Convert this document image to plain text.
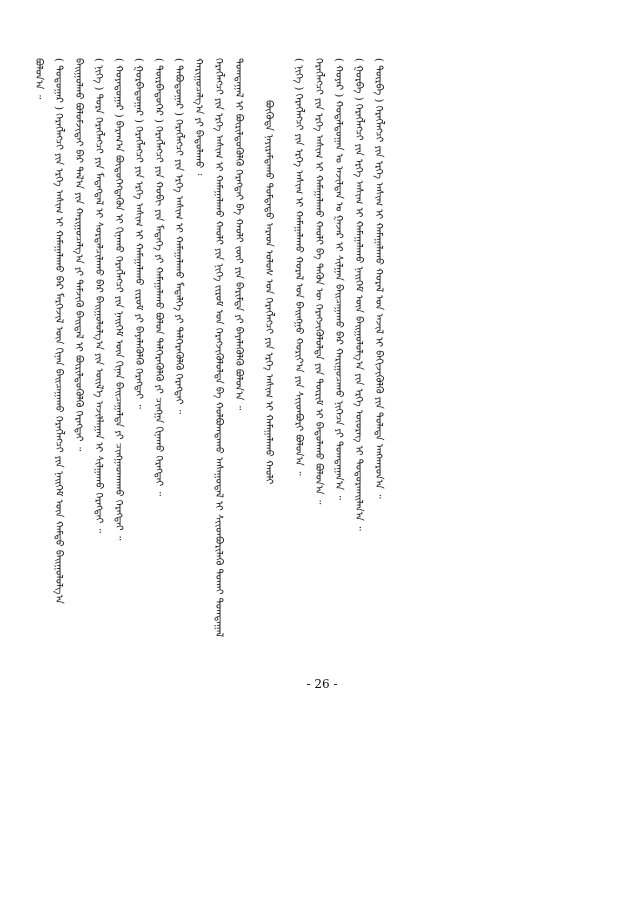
ᠪᠣᠯᠤᠨ᠎ᠠ ᠃ ( ᠳᠤᠳᠤᠭᠠᠷ ) ᠬᠡᠷᠡᠭᠯᠡᠭᠴᠢ ᠶᠢᠨ ᠡᠷᠬᠡ ᠠᠰᠢᠭ ᠢ ᠬᠠᠮᠠᠭᠠᠯᠠᠬᠤ ᠪᠠᠷ ᠮᠡᠷᠭᠡᠵᠢᠯ ᠦᠨ ᠬᠢᠨᠠᠨ ᠪᠠᠢᠴᠠᠭᠠᠬᠤ ᠬᠡᠷᠡᠭᠯᠡᠭᠴᠢ ᠶᠢᠨ ᠨᠡᠢᠭᠡᠮ ᠦᠨ ᠬᠠᠮᠲᠤ ᠪᠠᠢᠭᠤᠯᠤᠯᠭ᠎ᠠ ᠪᠠᠢᠭᠤᠯᠬᠤ ᠪᠣᠯᠤᠮᠵᠢᠲᠠᠢ ᠪᠡᠷ ᠲᠠᠯ᠎ᠠ ᠶᠢᠨ ᠬᠠᠷᠢᠭᠤᠴᠠᠯᠭ᠎ᠠ ᠶᠢ ᠳᠡᠮᠵᠢᠬᠦ ᠪᠠᠢᠳᠠᠯ ᠢ ᠪᠦᠷᠢᠯᠳᠦᠭᠦᠯᠬᠦ ᠬᠡᠷᠡᠭᠲᠡᠢ ᠃ ( ᠨᠢᠭᠡ ) ᠳᠤᠷᠠ ᠬᠡᠷᠡᠭᠯᠡᠭᠴᠢ ᠶᠢᠨ ᠮᠡᠳᠡᠭᠳᠡᠯ ᠢ ᠰᠤᠷᠲᠠᠯᠴᠢᠯᠠᠬᠤ ᠪᠡᠷ ᠪᠠᠢᠭᠤᠯᠤᠯᠭ᠎ᠠ ᠶᠢᠨ ᠦᠢᠯ᠎ᠡ ᠠᠵᠢᠯᠯᠠᠭᠠᠨ ᠢ ᠰᠢᠯᠭᠠᠬᠤ ᠬᠡᠷᠡᠭᠲᠡᠢ ᠃ ( ᠬᠣᠶᠠᠳᠤᠭᠠᠷ ) ᠪᠠᠷᠠᠭ᠎ᠠ ᠪᠦᠲᠦᠭᠡᠭᠳᠡᠬᠦᠨ ᠢ ᠬᠢᠨᠠᠬᠤ ᠬᠡᠷᠡᠭᠯᠡᠭᠴᠢ ᠶᠢᠨ ᠨᠡᠢᠭᠡᠮ ᠦᠨ ᠬᠢᠨᠠᠨ ᠪᠠᠢᠴᠠᠭᠠᠯᠲᠠ ᠶᠢ ᠴᠢᠩᠭᠠᠳᠬᠠᠬᠤ ᠬᠡᠷᠡᠭᠲᠡᠢ ᠃ ( ᠭᠤᠷᠪᠠᠳᠤᠭᠠᠷ ) ᠬᠡᠷᠡᠭᠯᠡᠭᠴᠢ ᠶᠢᠨ ᠡᠷᠬᠡ ᠠᠰᠢᠭ ᠢ ᠬᠠᠮᠠᠭᠠᠯᠠᠬᠤ ᠵᠢᠷᠤᠮ ᠶᠢ ᠪᠡᠶᠡᠯᠡᠭᠦᠯᠬᠦ ᠬᠡᠷᠡᠭᠲᠡᠢ ᠃ ( ᠳᠥᠷᠪᠡᠳᠦᠭᠡᠷ ) ᠬᠡᠷᠡᠭᠯᠡᠭᠴᠢ ᠶᠢᠨ ᠬᠤᠪᠢ ᠶᠢᠨ ᠮᠡᠳᠡᠭᠡ ᠶᠢ ᠬᠠᠮᠠᠭᠠᠯᠠᠬᠤ ᠪᠤᠯᠤᠨ ᠳᠡᠯᠭᠡᠷᠡᠭᠦᠯᠬᠦ ᠶᠢ ᠴᠢᠩᠭᠠ ᠬᠢᠨᠠᠬᠤ ᠬᠡᠷᠡᠭᠲᠡᠢ ᠃ ( ᠲᠠᠪᠤᠳᠤᠭᠠᠷ ) ᠬᠡᠷᠡᠭᠯᠡᠭᠴᠢ ᠶᠢᠨ ᠡᠷᠬᠡ ᠠᠰᠢᠭ ᠢ ᠬᠠᠮᠠᠭᠠᠯᠠᠬᠤ ᠮᠡᠳᠡᠯᠭᠡ ᠶᠢ ᠳᠡᠯᠭᠡᠷᠡᠭᠦᠯᠬᠦ ᠬᠡᠷᠡᠭᠲᠡᠢ ᠃ ᠬᠠᠷᠢᠭᠤᠴᠠᠯᠭ᠎ᠠ ᠶᠢ ᠪᠠᠳᠤᠯᠠᠬᠤ ᠄ ᠬᠡᠷᠡᠭᠯᠡᠭᠴᠢ ᠶᠢᠨ ᠡᠷᠬᠡ ᠠᠰᠢᠭ ᠢ ᠬᠠᠮᠠᠭᠠᠯᠠᠬᠤ ᠬᠠᠤᠯᠢ ᠶᠢᠨ ᠨᠢᠭᠡ ᠵᠢᠷᠤᠮ ᠤᠨ ᠬᠡᠷᠡᠭᠵᠢᠭᠦᠯᠦᠯᠲᠡ ᠪᠠ ᠬᠣᠯᠪᠣᠭᠳᠠᠬᠤ ᠠᠰᠠᠭᠤᠳᠠᠯ ᠢ ᠰᠢᠢᠳᠪᠦᠷᠢᠯᠡᠬᠦ ᠲᠤᠬᠠᠢ ᠲᠣᠭᠲᠠᠭᠠᠯ ᠲᠣᠭᠲᠠᠭᠠᠯ ᠢ ᠪᠦᠷᠢᠯᠳᠦᠭᠦᠯᠬᠦ ᠬᠡᠷᠡᠭᠲᠡᠢ ᠪᠠ ᠬᠠᠤᠯᠢ ᠵᠦᠢ ᠶᠢᠨ ᠪᠠᠷᠢᠮᠲᠠ ᠶᠢ ᠪᠡᠶᠡᠯᠡᠭᠦᠯᠬᠦ ᠪᠣᠯᠤᠨ᠎ᠠ ᠃ ᠪᠦᠭᠦᠳᠡ ᠨᠠᠶᠢᠷᠠᠮᠳᠠᠬᠤ ᠳᠤᠮᠳᠠᠳᠤ ᠠᠷᠠᠳ ᠤᠯᠤᠰ ᠤᠨ ᠬᠡᠷᠡᠭᠯᠡᠭᠴᠢ ᠶᠢᠨ ᠡᠷᠬᠡ ᠠᠰᠢᠭ ᠢ ᠬᠠᠮᠠᠭᠠᠯᠠᠬᠤ ᠬᠠᠤᠯᠢ ( ᠨᠢᠭᠡ ) ᠬᠡᠷᠡᠭᠯᠡᠭᠴᠢ ᠶᠢᠨ ᠡᠷᠬᠡ ᠠᠰᠢᠭ ᠢ ᠬᠠᠮᠠᠭᠠᠯᠠᠬᠤ ᠬᠤᠷᠠᠯ ᠤᠨ ᠪᠠᠢᠩᠭᠤ ᠬᠣᠷᠢᠶ᠎ᠠ ᠶᠢᠨ ᠰᠢᠢᠳᠪᠦᠷᠢ ᠪᠣᠯᠤᠨ᠎ᠠ ᠃ ᠬᠡᠷᠡᠭᠯᠡᠭᠴᠢ ᠶᠢᠨ ᠡᠷᠬᠡ ᠠᠰᠢᠭ ᠢ ᠬᠠᠮᠠᠭᠠᠯᠠᠬᠤ ᠬᠠᠤᠯᠢ ᠪᠠ ᠲᠡᠭᠦᠨ ᠦ ᠬᠡᠷᠡᠭᠵᠢᠭᠦᠯᠦᠯᠲᠡ ᠶᠢᠨ ᠳᠦᠷᠢᠮ ᠢ ᠪᠠᠲᠤᠯᠠᠬᠤ ᠪᠣᠯᠤᠨ᠎ᠠ ᠃ ( ᠬᠣᠶᠠᠷ ) ᠬᠤᠳᠠᠯᠳᠤᠭᠠᠨ ᠤ ᠠᠵᠢᠯᠲᠠᠨ ᠤ ᠭᠠᠵᠠᠷ ᠢ ᠰᠢᠯᠭᠠᠨ ᠪᠠᠢᠴᠠᠭᠠᠬᠤ ᠪᠠᠷ ᠬᠠᠷᠢᠭᠤᠴᠠᠬᠤ ᠨᠢᠭᠡᠴᠡ ᠶᠢ ᠲᠣᠭᠲᠠᠭᠠᠨ᠎ᠠ ᠃ ( ᠭᠤᠷᠪᠠ ) ᠬᠡᠷᠡᠭᠯᠡᠭᠴᠢ ᠶᠢᠨ ᠡᠷᠬᠡ ᠠᠰᠢᠭ ᠢ ᠬᠠᠮᠠᠭᠠᠯᠠᠬᠤ ᠨᠡᠢᠭᠡᠮ ᠦᠨ ᠪᠠᠢᠭᠤᠯᠤᠯᠭ᠎ᠠ ᠶᠢᠨ ᠡᠷᠬᠡ ᠦᠦᠷᠡᠭ ᠢ ᠲᠣᠳᠤᠷᠬᠠᠢᠯᠠᠨ᠎ᠠ ᠃ ( ᠳᠥᠷᠪᠡ ) ᠬᠡᠷᠡᠭᠯᠡᠭᠴᠢ ᠶᠢᠨ ᠡᠷᠬᠡ ᠠᠰᠢᠭ ᠢ ᠬᠠᠮᠠᠭᠠᠯᠠᠬᠤ ᠬᠤᠷᠠᠯ ᠤᠨ ᠠᠵᠢᠯ ᠢ ᠪᠡᠬᠢᠵᠢᠭᠦᠯᠬᠦ ᠶᠢᠨ ᠲᠤᠯᠠᠳᠠ ᠠᠩᠬᠠᠷᠤᠨ᠎ᠠ ᠃
- 26 -
